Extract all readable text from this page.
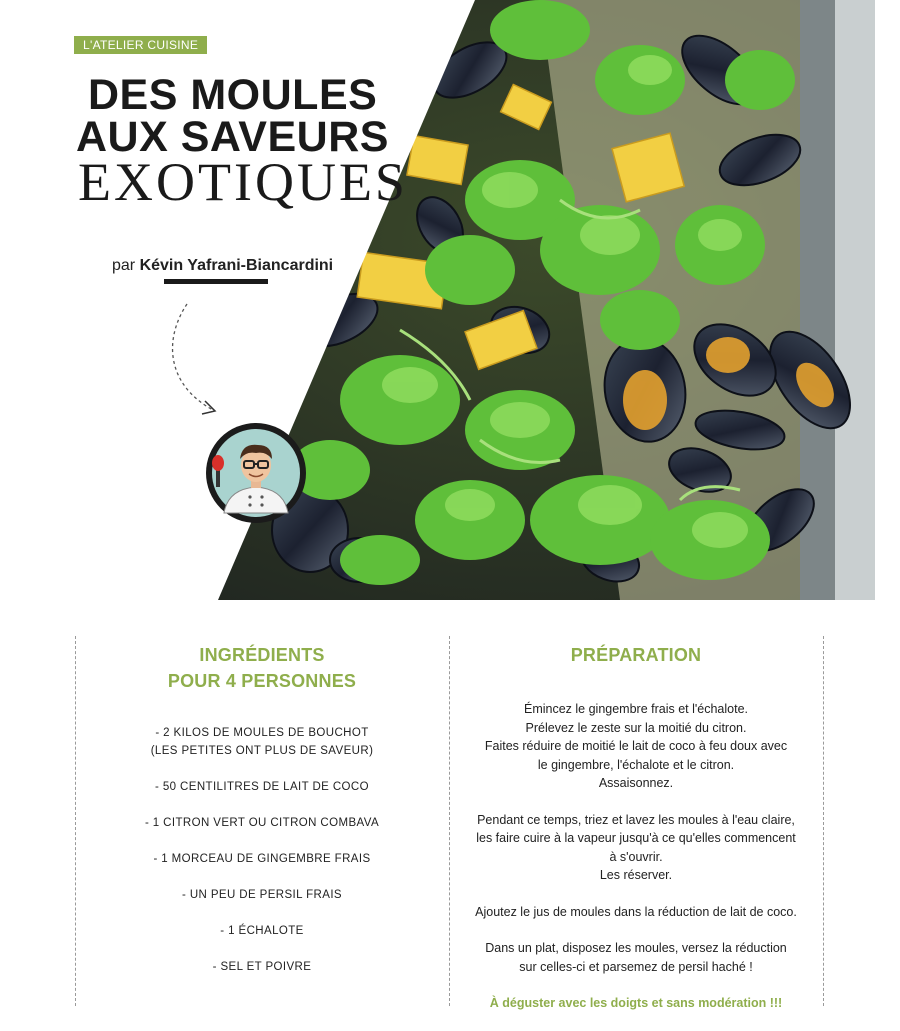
L'ATELIER CUISINE
DES MOULES
AUX SAVEURS
EXOTIQUES
par Kévin Yafrani-Biancardini
INGRÉDIENTS
POUR 4 PERSONNES
- 2 KILOS DE MOULES DE BOUCHOT
(LES PETITES ONT PLUS DE SAVEUR)
- 50 CENTILITRES DE LAIT DE COCO
- 1 CITRON VERT OU CITRON COMBAVA
- 1 MORCEAU DE GINGEMBRE FRAIS
- UN PEU DE PERSIL FRAIS
- 1 ÉCHALOTE
- SEL ET POIVRE
PRÉPARATION

Émincez le gingembre frais et l'échalote.
Prélevez le zeste sur la moitié du citron.
Faites réduire de moitié le lait de coco à feu doux avec
le gingembre, l'échalote et le citron.
Assaisonnez.

Pendant ce temps, triez et lavez les moules à l'eau claire,
les faire cuire à la vapeur jusqu'à ce qu'elles commencent
à s'ouvrir.
Les réserver.

Ajoutez le jus de moules dans la réduction de lait de coco.

Dans un plat, disposez les moules, versez la réduction
sur celles-ci et parsemez de persil haché !

À déguster avec les doigts et sans modération !!!
